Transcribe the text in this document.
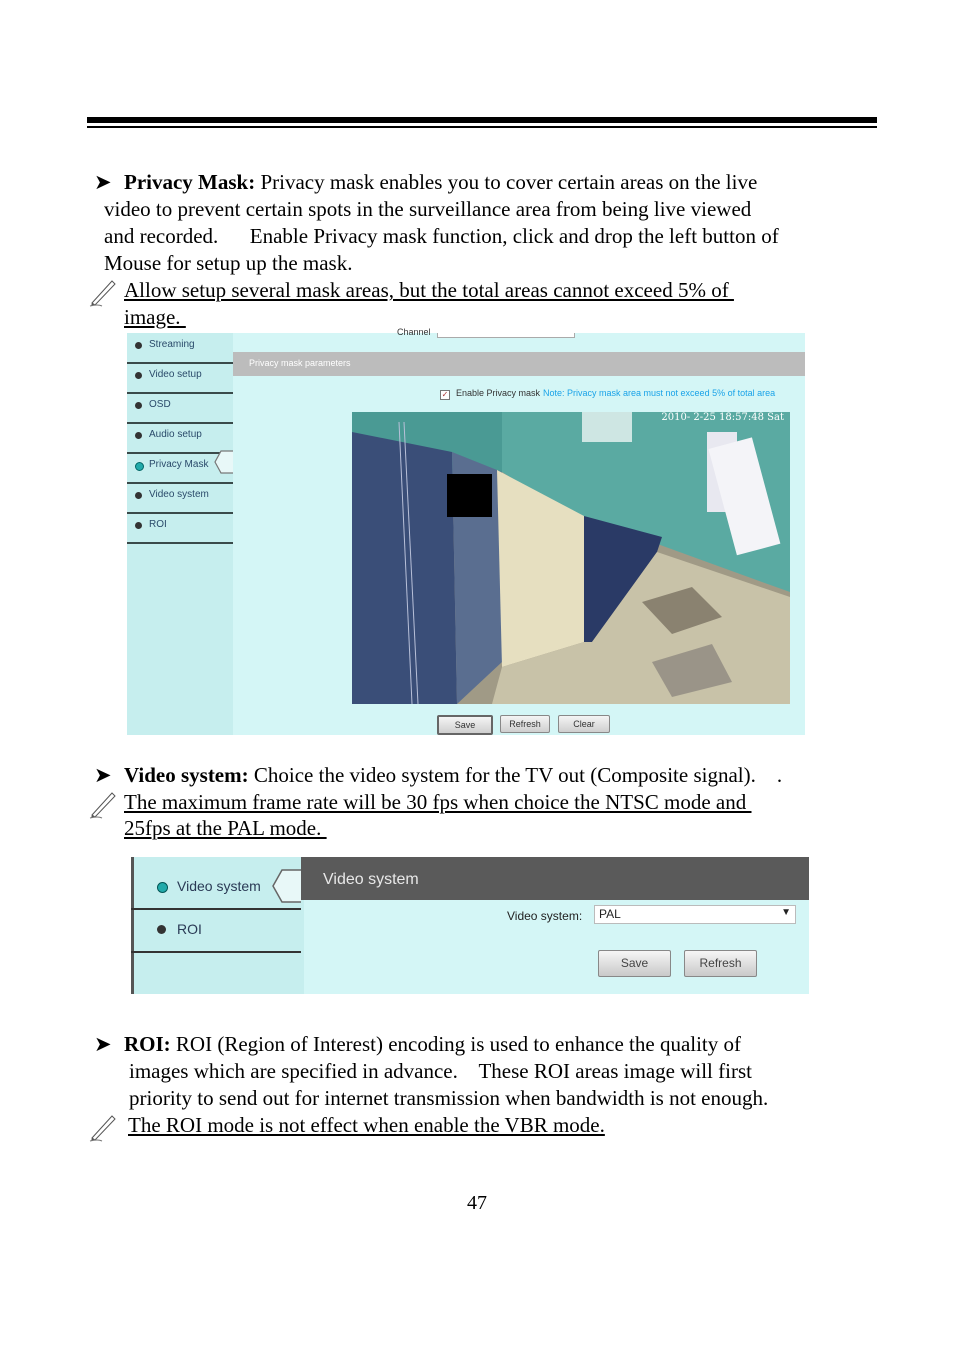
➤ Privacy Mask: Privacy mask enables you to cover certain areas on the live
video to prevent certain spots in the surveillance area from being live viewed
and recorded.      Enable Privacy mask function, click and drop the left button of
Mouse for setup up the mask.
Allow setup several mask areas, but the total areas cannot exceed 5% of
image.
Streaming
Video setup
OSD
Audio setup
Privacy Mask
Video system
ROI
Channel
Privacy mask parameters
✓ Enable Privacy mask Note: Privacy mask area must not exceed 5% of total area
2010- 2-25 18:57:48 Sat
Save	Refresh	Clear
➤ Video system: Choice the video system for the TV out (Composite signal).    .
The maximum frame rate will be 30 fps when choice the NTSC mode and
25fps at the PAL mode.
Video system
ROI
Video system
Video system: PAL	▼
Save	Refresh
➤ ROI: ROI (Region of Interest) encoding is used to enhance the quality of
images which are specified in advance.    These ROI areas image will first
priority to send out for internet transmission when bandwidth is not enough.
The ROI mode is not effect when enable the VBR mode.
47
